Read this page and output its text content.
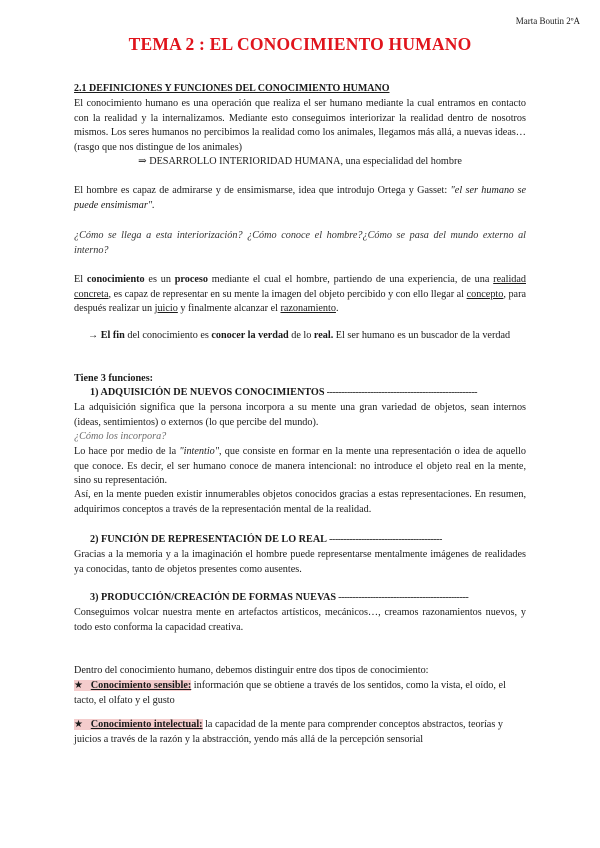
Marta Boutin 2ºA
TEMA 2 : EL CONOCIMIENTO HUMANO
2.1 DEFINICIONES Y FUNCIONES DEL CONOCIMIENTO HUMANO

El conocimiento humano es una operación que realiza el ser humano mediante la cual entramos en contacto con la realidad y la internalizamos. Mediante esto conseguimos interiorizar la realidad dentro de nosotros mismos. Los seres humanos no percibimos la realidad como los animales, llegamos más allá, a nuevas ideas… (rasgo que nos distingue de los animales)

⇒ DESARROLLO INTERIORIDAD HUMANA, una especialidad del hombre

El hombre es capaz de admirarse y de ensimismarse, idea que introdujo Ortega y Gasset: "el ser humano se puede ensimismar".

¿Cómo se llega a esta interiorización? ¿Cómo conoce el hombre?¿Cómo se pasa del mundo externo al interno?

El conocimiento es un proceso mediante el cual el hombre, partiendo de una experiencia, de una realidad concreta, es capaz de representar en su mente la imagen del objeto percibido y con ello llegar al concepto, para después realizar un juicio y finalmente alcanzar el razonamiento.

→ El fin del conocimiento es conocer la verdad de lo real. El ser humano es un buscador de la verdad

Tiene 3 funciones:
1) ADQUISICIÓN DE NUEVOS CONOCIMIENTOS ----------------------------------------------------

La adquisición significa que la persona incorpora a su mente una gran variedad de objetos, sean internos (ideas, sentimientos) o externos (lo que percibe del mundo).

¿Cómo los incorpora?

Lo hace por medio de la "intentio", que consiste en formar en la mente una representación o idea de aquello que conoce. Es decir, el ser humano conoce de manera intencional: no introduce el objeto real en la mente, sino su representación.

Así, en la mente pueden existir innumerables objetos conocidos gracias a estas representaciones. En resumen, adquirimos conceptos a través de la representación mental de la realidad.

2) FUNCIÓN DE REPRESENTACIÓN DE LO REAL ---------------------------------------

Gracias a la memoria y a la imaginación el hombre puede representarse mentalmente imágenes de realidades ya conocidas, tanto de objetos presentes como ausentes.

3) PRODUCCIÓN/CREACIÓN DE FORMAS NUEVAS ---------------------------------------------

Conseguimos volcar nuestra mente en artefactos artísticos, mecánicos…, creamos razonamientos nuevos, y todo esto conforma la capacidad creativa.

Dentro del conocimiento humano, debemos distinguir entre dos tipos de conocimiento:

★ Conocimiento sensible: información que se obtiene a través de los sentidos, como la vista, el oído, el tacto, el olfato y el gusto

★ Conocimiento intelectual: la capacidad de la mente para comprender conceptos abstractos, teorías y juicios a través de la razón y la abstracción, yendo más allá de la percepción sensorial
